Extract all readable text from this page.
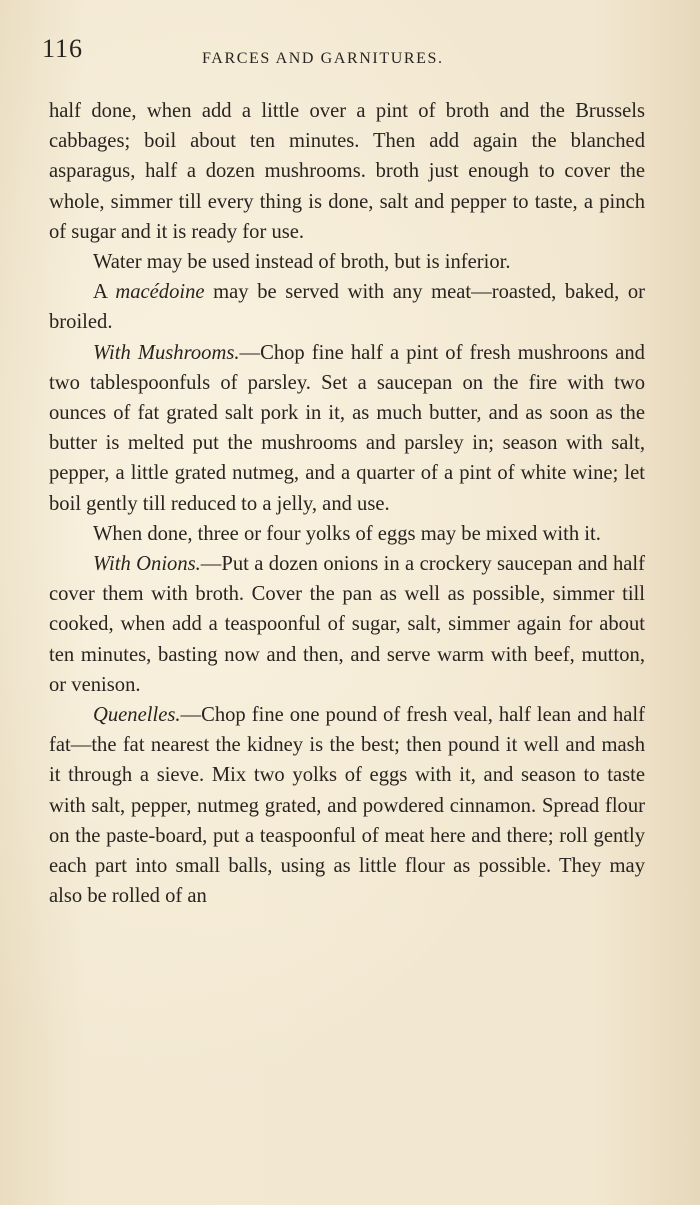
116	FARCES AND GARNITURES.

half done, when add a little over a pint of broth and the Brussels cabbages; boil about ten minutes. Then add again the blanched asparagus, half a dozen mushrooms. broth just enough to cover the whole, simmer till every thing is done, salt and pepper to taste, a pinch of sugar and it is ready for use.

Water may be used instead of broth, but is inferior.

A macédoine may be served with any meat—roasted, baked, or broiled.

With Mushrooms.—Chop fine half a pint of fresh mushroons and two tablespoonfuls of parsley. Set a saucepan on the fire with two ounces of fat grated salt pork in it, as much butter, and as soon as the butter is melted put the mushrooms and parsley in; season with salt, pepper, a little grated nutmeg, and a quarter of a pint of white wine; let boil gently till reduced to a jelly, and use.

When done, three or four yolks of eggs may be mixed with it.

With Onions.—Put a dozen onions in a crockery saucepan and half cover them with broth. Cover the pan as well as possible, simmer till cooked, when add a teaspoonful of sugar, salt, simmer again for about ten minutes, basting now and then, and serve warm with beef, mutton, or venison.

Quenelles.—Chop fine one pound of fresh veal, half lean and half fat—the fat nearest the kidney is the best; then pound it well and mash it through a sieve. Mix two yolks of eggs with it, and season to taste with salt, pepper, nutmeg grated, and powdered cinnamon. Spread flour on the paste-board, put a teaspoonful of meat here and there; roll gently each part into small balls, using as little flour as possible. They may also be rolled of an
